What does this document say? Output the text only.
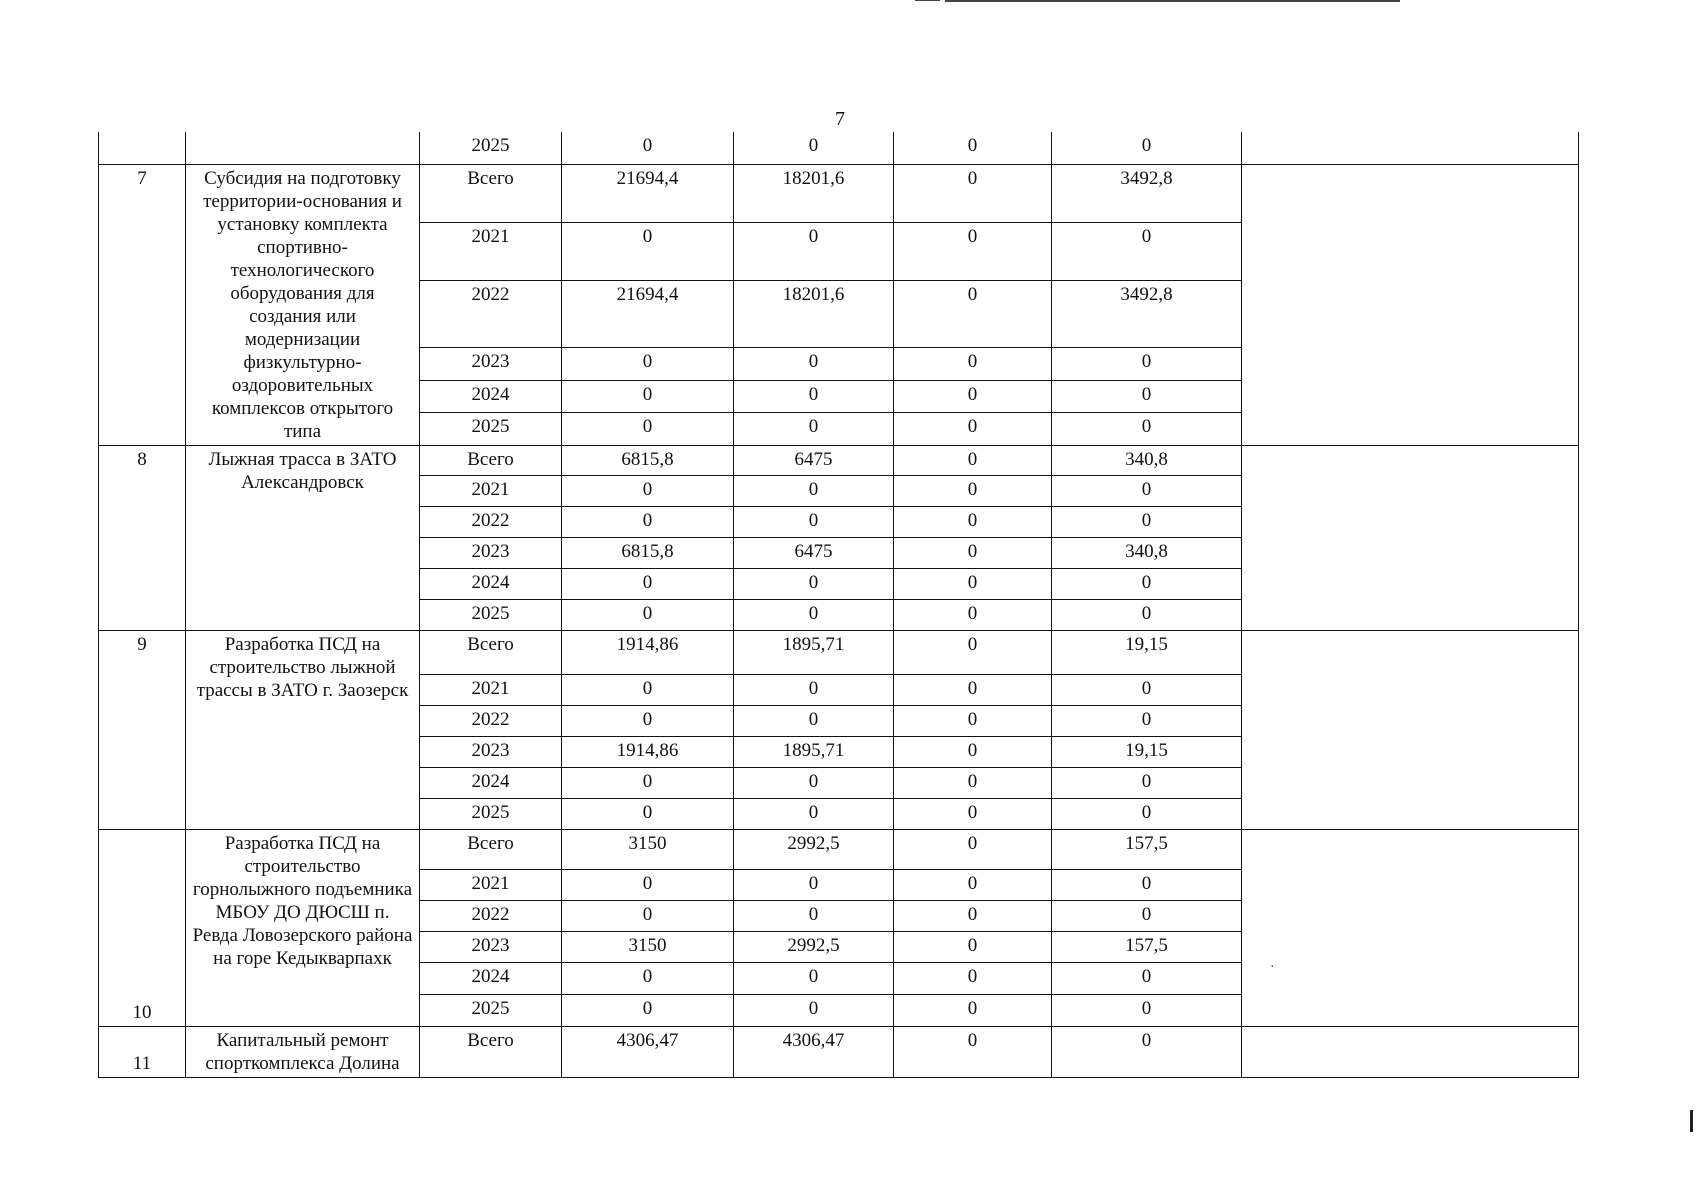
7
		2025	0	0	0	0	
7	Субсидия на подготовку территории-основания и установку комплекта спортивно-технологического оборудования для создания или модернизации физкультурно-оздоровительных комплексов открытого типа	Всего	21694,4	18201,6	0	3492,8	
		2021	0	0	0	0	
		2022	21694,4	18201,6	0	3492,8	
		2023	0	0	0	0	
		2024	0	0	0	0	
		2025	0	0	0	0	
8	Лыжная трасса в ЗАТО Александровск	Всего	6815,8	6475	0	340,8	
		2021	0	0	0	0	
		2022	0	0	0	0	
		2023	6815,8	6475	0	340,8	
		2024	0	0	0	0	
		2025	0	0	0	0	
9	Разработка ПСД на строительство лыжной трассы в ЗАТО г. Заозерск	Всего	1914,86	1895,71	0	19,15	
		2021	0	0	0	0	
		2022	0	0	0	0	
		2023	1914,86	1895,71	0	19,15	
		2024	0	0	0	0	
		2025	0	0	0	0	
10	Разработка ПСД на строительство горнолыжного подъемника МБОУ ДО ДЮСШ п. Ревда Ловозерского района на горе Кедыкварпахк	Всего	3150	2992,5	0	157,5	
		2021	0	0	0	0	
		2022	0	0	0	0	
		2023	3150	2992,5	0	157,5	
		2024	0	0	0	0	
		2025	0	0	0	0	
11	Капитальный ремонт спорткомплекса Долина	Всего	4306,47	4306,47	0	0	
·
